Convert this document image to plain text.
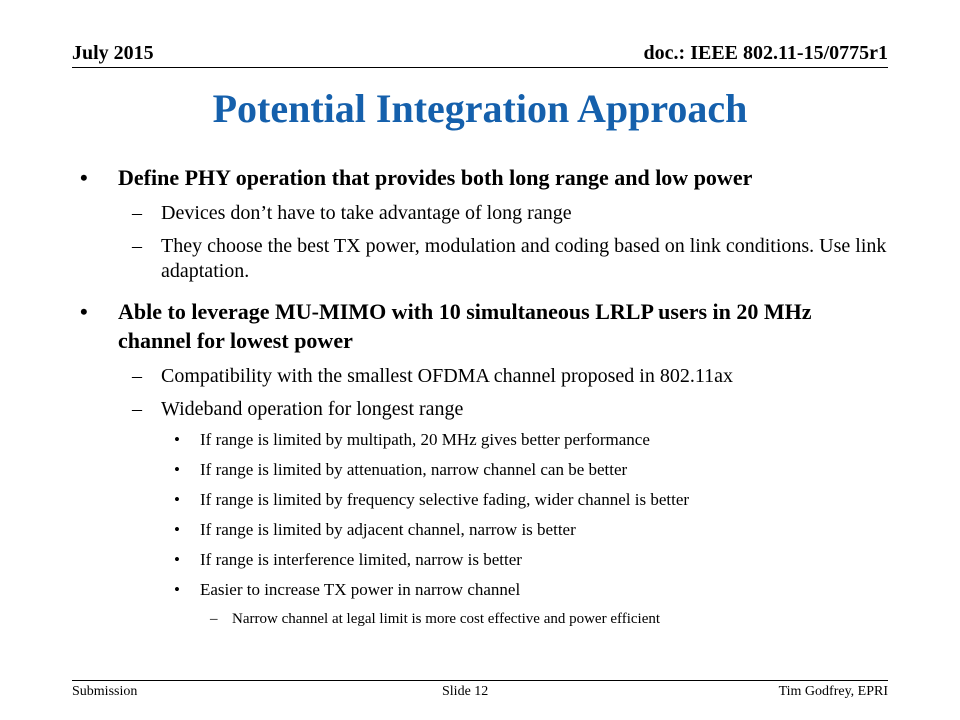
July 2015	doc.: IEEE 802.11-15/0775r1
Potential Integration Approach
• Define PHY operation that provides both long range and low power
– Devices don’t have to take advantage of long range
– They choose the best TX power, modulation and coding based on link conditions. Use link adaptation.
• Able to leverage MU-MIMO with 10 simultaneous LRLP users in 20 MHz channel for lowest power
– Compatibility with the smallest OFDMA channel proposed in 802.11ax
– Wideband operation for longest range
• If range is limited by multipath, 20 MHz gives better performance
• If range is limited by attenuation, narrow channel can be better
• If range is limited by frequency selective fading, wider channel is better
• If range is limited by adjacent channel, narrow is better
• If range is interference limited, narrow is better
• Easier to increase TX power in narrow channel
– Narrow channel at legal limit is more cost effective and power efficient
Submission	Slide 12	Tim Godfrey, EPRI
